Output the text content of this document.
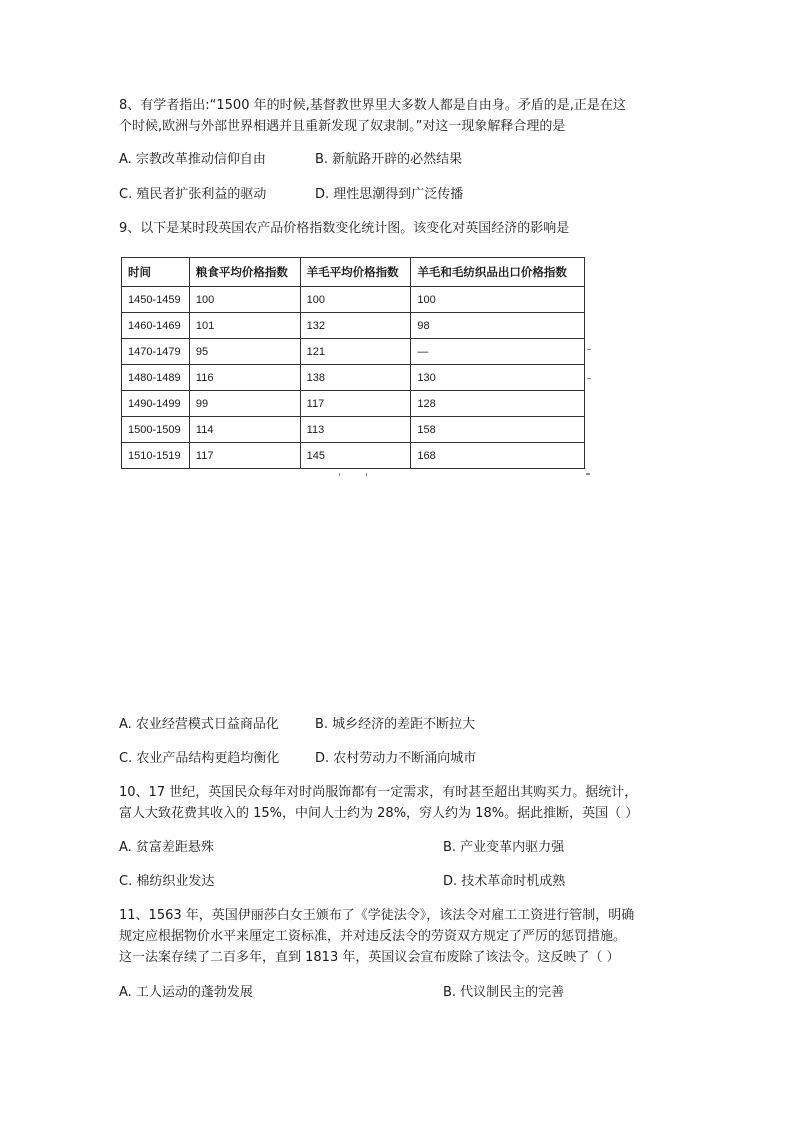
8、有学者指出:“1500 年的时候,基督教世界里大多数人都是自由身。矛盾的是,正是在这
个时候,欧洲与外部世界相遇并且重新发现了奴隶制。”对这一现象解释合理的是
A. 宗教改革推动信仰自由	B. 新航路开辟的必然结果
C. 殖民者扩张利益的驱动	D. 理性思潮得到广泛传播
9、以下是某时段英国农产品价格指数变化统计图。该变化对英国经济的影响是
时间	粮食平均价格指数	羊毛平均价格指数	羊毛和毛纺织品出口价格指数
1450-1459	100	100	100
1460-1469	101	132	98
1470-1479	95	121	—
1480-1489	116	138	130
1490-1499	99	117	128
1500-1509	114	113	158
1510-1519	117	145	168
A. 农业经营模式日益商品化	B. 城乡经济的差距不断拉大
C. 农业产品结构更趋均衡化	D. 农村劳动力不断涌向城市
10、17 世纪，英国民众每年对时尚服饰都有一定需求，有时甚至超出其购买力。据统计，
富人大致花费其收入的 15%，中间人士约为 28%，穷人约为 18%。据此推断，英国（ ）
A. 贫富差距悬殊	B. 产业变革内驱力强
C. 棉纺织业发达	D. 技术革命时机成熟
11、1563 年，英国伊丽莎白女王颁布了《学徒法令》，该法令对雇工工资进行管制，明确
规定应根据物价水平来厘定工资标准，并对违反法令的劳资双方规定了严厉的惩罚措施。
这一法案存续了二百多年，直到 1813 年，英国议会宣布废除了该法令。这反映了（ ）
A. 工人运动的蓬勃发展	B. 代议制民主的完善
